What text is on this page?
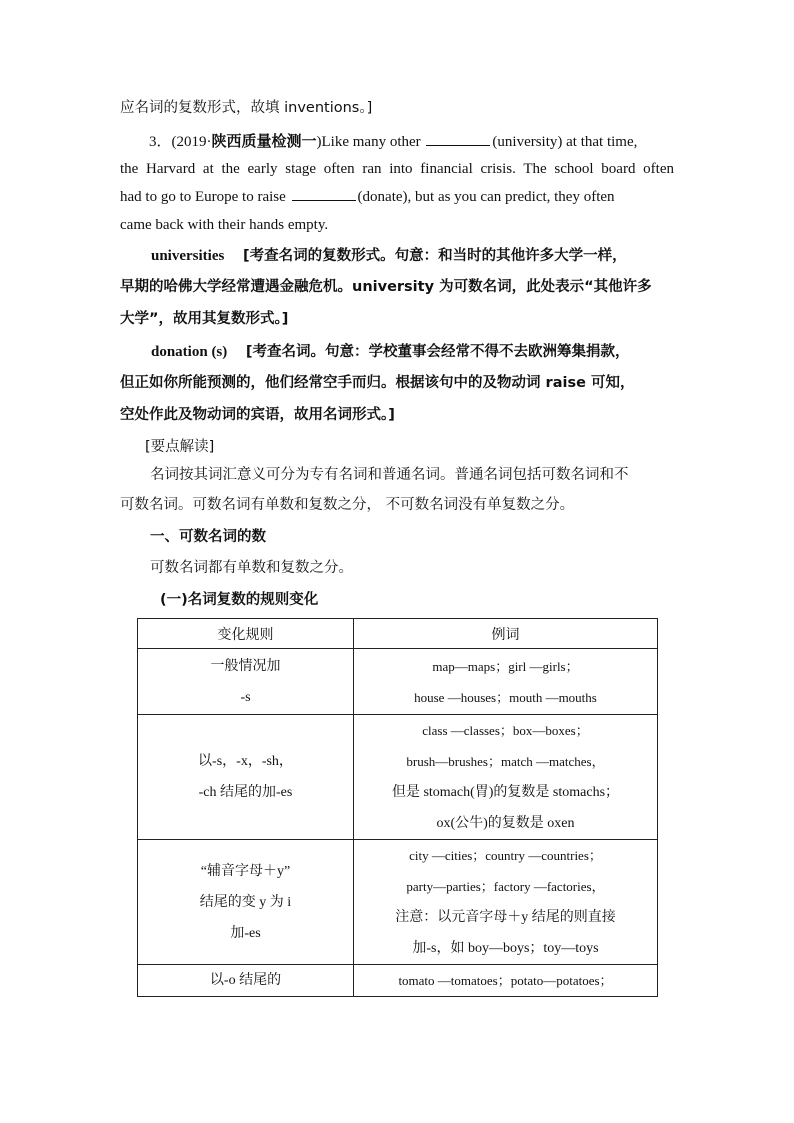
应名词的复数形式，故填 inventions。]
3．(2019·陕西质量检测一)Like many other	(university) at that time,
the Harvard at the early stage often ran into financial crisis. The school board often
had to go to Europe to raise	(donate), but as you can predict, they often
came back with their hands empty.
universities [考查名词的复数形式。句意：和当时的其他许多大学一样，
早期的哈佛大学经常遭遇金融危机。university 为可数名词，此处表示“其他许多
大学”，故用其复数形式。]
donation (s) [考查名词。句意：学校董事会经常不得不去欧洲筹集捐款，
但正如你所能预测的，他们经常空手而归。根据该句中的及物动词 raise 可知，
空处作此及物动词的宾语，故用名词形式。]
[要点解读]
名词按其词汇意义可分为专有名词和普通名词。普通名词包括可数名词和不
可数名词。可数名词有单数和复数之分， 不可数名词没有单复数之分。
一、可数名词的数
可数名词都有单数和复数之分。
(一)名词复数的规则变化
变化规则	例词

一般情况加
-s	map—maps；girl —girls；
house —houses；mouth —mouths

以-s，-x，-sh，
-ch 结尾的加-es	class —classes；box—boxes；
brush—brushes；match —matches，
但是 stomach(胃)的复数是 stomachs；
ox(公牛)的复数是 oxen

“辅音字母＋y”
结尾的变 y 为 i
加-es	city —cities；country —countries；
party—parties；factory —factories，
注意：以元音字母＋y 结尾的则直接
加-s，如 boy—boys；toy—toys

以-o 结尾的	tomato —tomatoes；potato—potatoes；
